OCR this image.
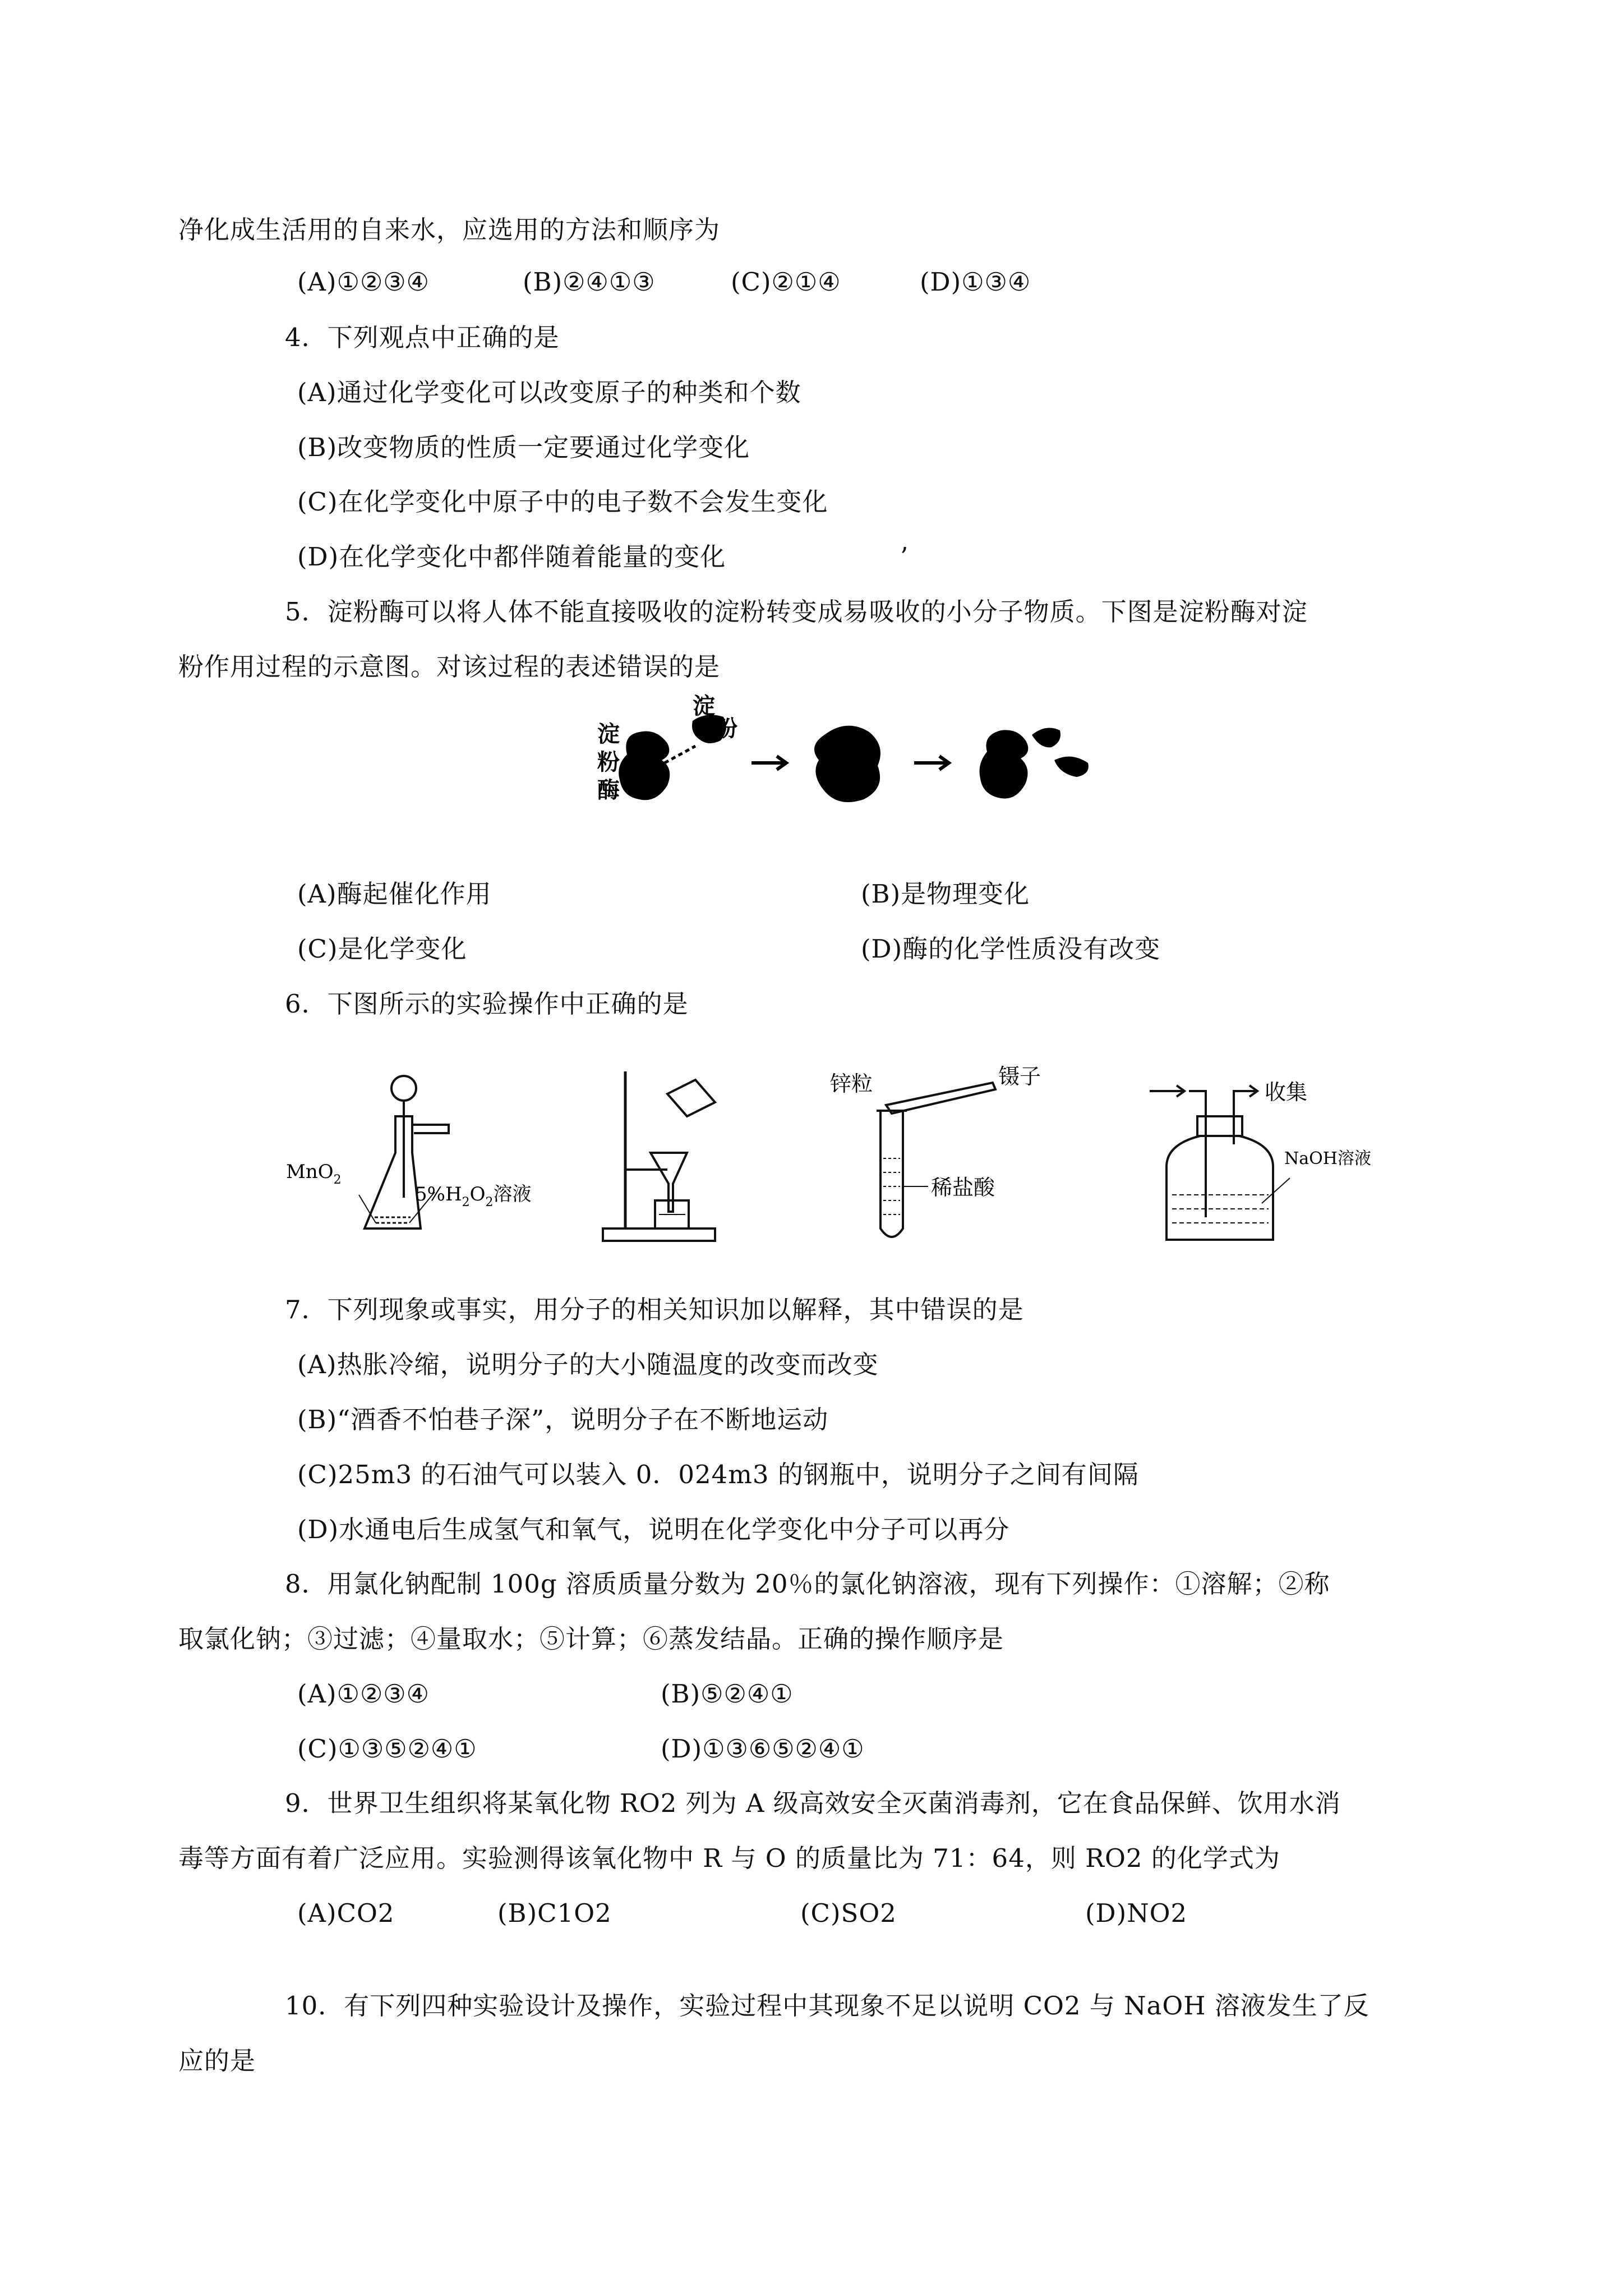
净化成生活用的自来水，应选用的方法和顺序为
(A)①②③④	(B)②④①③	(C)②①④	(D)①③④
4．下列观点中正确的是
(A)通过化学变化可以改变原子的种类和个数
(B)改变物质的性质一定要通过化学变化
(C)在化学变化中原子中的电子数不会发生变化
(D)在化学变化中都伴随着能量的变化	’
5．淀粉酶可以将人体不能直接吸收的淀粉转变成易吸收的小分子物质。下图是淀粉酶对淀
粉作用过程的示意图。对该过程的表述错误的是
淀
粉
酶
淀
粉
(A)酶起催化作用	(B)是物理变化
(C)是化学变化	(D)酶的化学性质没有改变
6．下图所示的实验操作中正确的是
MnO$_2$
$5\%H_2O_2$溶液
锌粒	镊子
稀盐酸
收集
NaOH溶液
7．下列现象或事实，用分子的相关知识加以解释，其中错误的是
(A)热胀冷缩，说明分子的大小随温度的改变而改变
(B)“酒香不怕巷子深”，说明分子在不断地运动
(C)25m3 的石油气可以装入 0．024m3 的钢瓶中，说明分子之间有间隔
(D)水通电后生成氢气和氧气，说明在化学变化中分子可以再分
8．用氯化钠配制 100g 溶质质量分数为 20％的氯化钠溶液，现有下列操作：①溶解；②称
取氯化钠；③过滤；④量取水；⑤计算；⑥蒸发结晶。正确的操作顺序是
(A)①②③④	(B)⑤②④①
(C)①③⑤②④①	(D)①③⑥⑤②④①
9．世界卫生组织将某氧化物 RO2 列为 A 级高效安全灭菌消毒剂，它在食品保鲜、饮用水消
毒等方面有着广泛应用。实验测得该氧化物中 R 与 O 的质量比为 71：64，则 RO2 的化学式为
(A)CO2	(B)C1O2	(C)SO2	(D)NO2
10．有下列四种实验设计及操作，实验过程中其现象不足以说明 CO2 与 NaOH 溶液发生了反
应的是
